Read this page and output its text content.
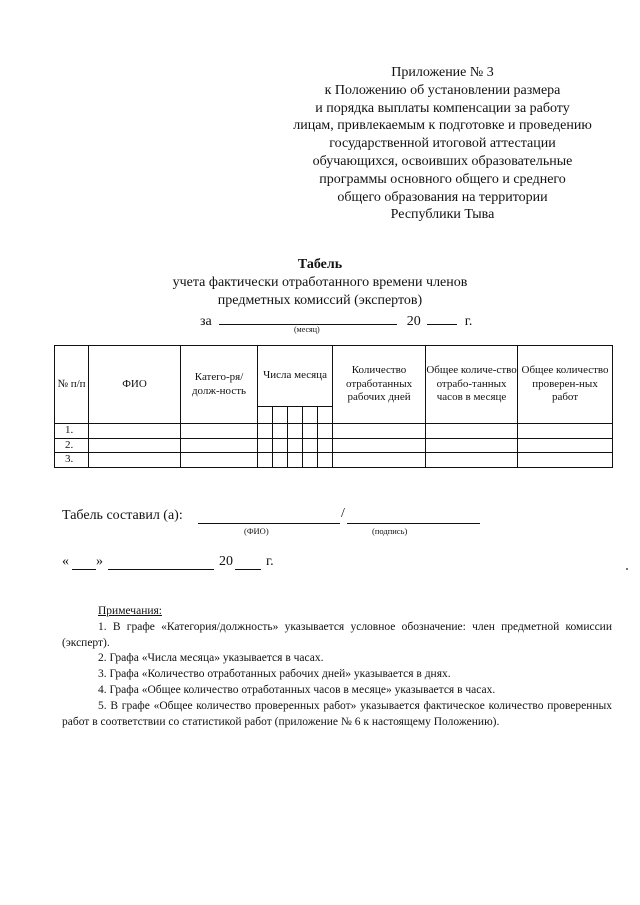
Приложение № 3
к Положению об установлении размера
и порядка выплаты компенсации за работу
лицам, привлекаемым к подготовке и проведению
государственной итоговой аттестации
обучающихся, освоивших образовательные
программы основного общего и среднего
общего образования на территории
Республики Тыва
Табель
учета фактически отработанного времени членов
предметных комиссий (экспертов)
за	20	г.
(месяц)
№ п/п	ФИО	Катего-ря/долж-ность	Числа месяца					Количество отработанных рабочих дней	Общее количе-ство отрабо-танных часов в месяце	Общее количество проверен-ных работ

1.										
2.										
3.										
Табель составил (а):	/
(ФИО)	(подпись)
« »	20 г.

Примечания:

1. В графе «Категория/должность» указывается условное обозначение: член предметной комиссии (эксперт).

2. Графа «Числа месяца» указывается в часах.

3. Графа «Количество отработанных рабочих дней» указывается в днях.

4. Графа «Общее количество отработанных часов в месяце» указывается в часах.

5. В графе «Общее количество проверенных работ» указывается фактическое количество проверенных работ в соответствии со статистикой работ (приложение № 6 к настоящему Положению).
